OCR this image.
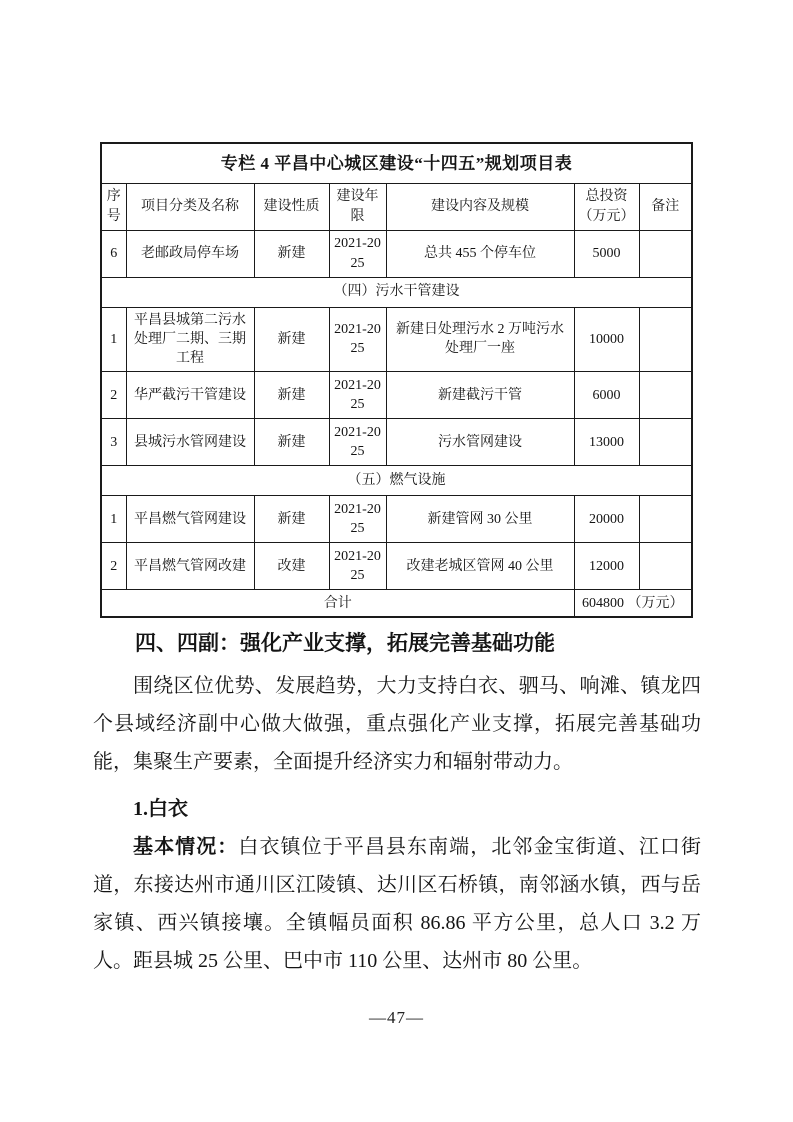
专栏 4 平昌中心城区建设“十四五”规划项目表						
序号	项目分类及名称	建设性质	建设年限	建设内容及规模	总投资（万元）	备注
6	老邮政局停车场	新建	2021-2025	总共 455 个停车位	5000	
（四）污水干管建设						
1	平昌县城第二污水处理厂二期、三期工程	新建	2021-2025	新建日处理污水 2 万吨污水处理厂一座	10000	
2	华严截污干管建设	新建	2021-2025	新建截污干管	6000	
3	县城污水管网建设	新建	2021-2025	污水管网建设	13000	
（五）燃气设施						
1	平昌燃气管网建设	新建	2021-2025	新建管网 30 公里	20000	
2	平昌燃气管网改建	改建	2021-2025	改建老城区管网 40 公里	12000	
合计					604800 （万元）	
四、四副：强化产业支撑，拓展完善基础功能

围绕区位优势、发展趋势，大力支持白衣、驷马、响滩、镇龙四个县域经济副中心做大做强，重点强化产业支撑，拓展完善基础功能，集聚生产要素，全面提升经济实力和辐射带动力。

1.白衣

基本情况：白衣镇位于平昌县东南端，北邻金宝街道、江口街道，东接达州市通川区江陵镇、达川区石桥镇，南邻涵水镇，西与岳家镇、西兴镇接壤。全镇幅员面积 86.86 平方公里，总人口 3.2 万人。距县城 25 公里、巴中市 110 公里、达州市 80 公里。

—47—
